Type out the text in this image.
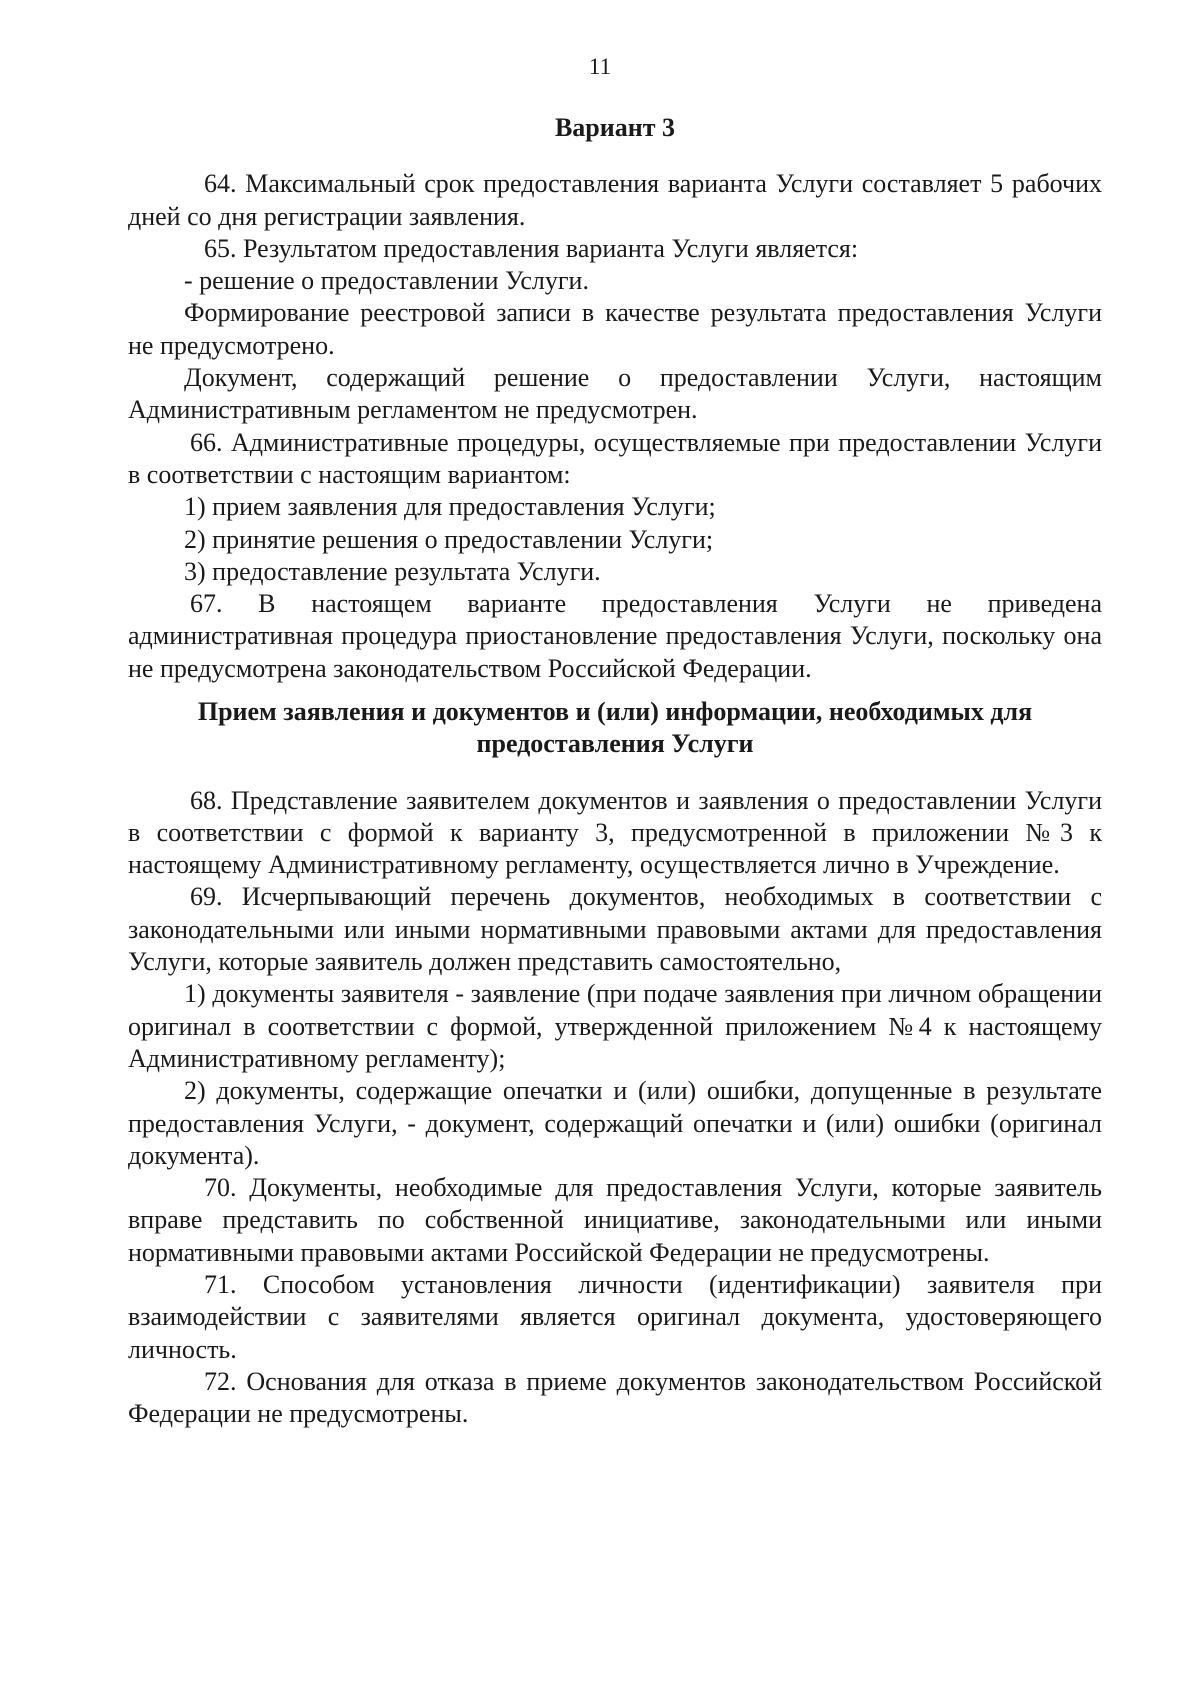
11

Вариант 3

64. Максимальный срок предоставления варианта Услуги составляет 5 рабочих дней со дня регистрации заявления.

65. Результатом предоставления варианта Услуги является:

- решение о предоставлении Услуги.

Формирование реестровой записи в качестве результата предоставления Услуги не предусмотрено.

Документ, содержащий решение о предоставлении Услуги, настоящим Административным регламентом не предусмотрен.

66. Административные процедуры, осуществляемые при предоставлении Услуги в соответствии с настоящим вариантом:

1) прием заявления для предоставления Услуги;

2) принятие решения о предоставлении Услуги;

3) предоставление результата Услуги.

67. В настоящем варианте предоставления Услуги не приведена административная процедура приостановление предоставления Услуги, поскольку она не предусмотрена законодательством Российской Федерации.

Прием заявления и документов и (или) информации, необходимых для

предоставления Услуги

68. Представление заявителем документов и заявления о предоставлении Услуги в соответствии с формой к варианту 3, предусмотренной в приложении №3 к настоящему Административному регламенту, осуществляется лично в Учреждение.

69. Исчерпывающий перечень документов, необходимых в соответствии с законодательными или иными нормативными правовыми актами для предоставления Услуги, которые заявитель должен представить самостоятельно,

1) документы заявителя - заявление (при подаче заявления при личном обращении оригинал в соответствии с формой, утвержденной приложением №4 к настоящему Административному регламенту);

2) документы, содержащие опечатки и (или) ошибки, допущенные в результате предоставления Услуги, - документ, содержащий опечатки и (или) ошибки (оригинал документа).

70. Документы, необходимые для предоставления Услуги, которые заявитель вправе представить по собственной инициативе, законодательными или иными нормативными правовыми актами Российской Федерации не предусмотрены.

71. Способом установления личности (идентификации) заявителя при взаимодействии с заявителями является оригинал документа, удостоверяющего личность.

72. Основания для отказа в приеме документов законодательством Российской Федерации не предусмотрены.
